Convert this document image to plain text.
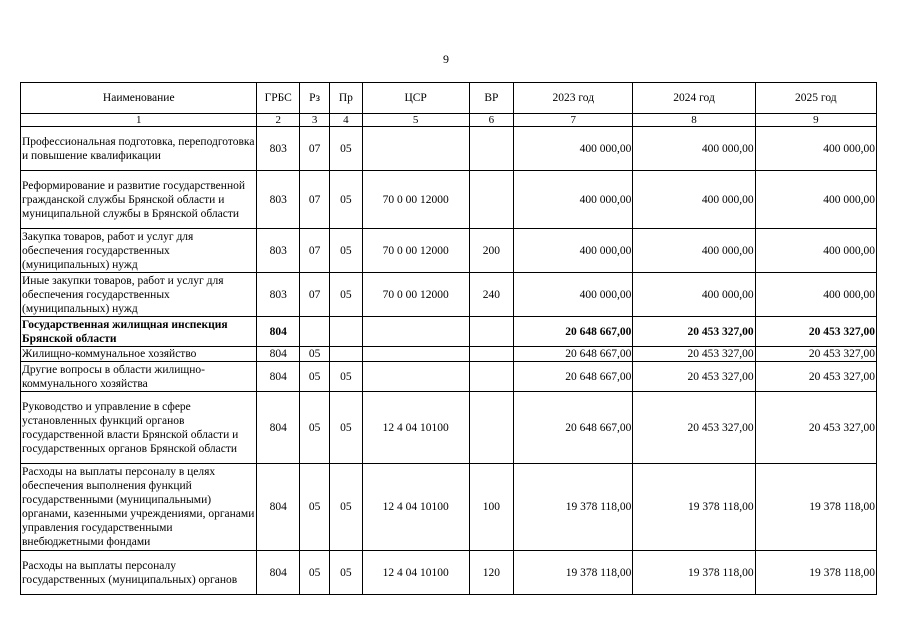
9
Наименование	ГРБС	Рз	Пр	ЦСР	ВР	2023 год	2024 год	2025 год
1	2	3	4	5	6	7	8	9
Профессиональная подготовка, переподготовка и повышение квалификации	803	07	05			400 000,00	400 000,00	400 000,00
Реформирование и развитие государственной гражданской службы Брянской области и муниципальной службы в Брянской области	803	07	05	70 0 00 12000		400 000,00	400 000,00	400 000,00
Закупка товаров, работ и услуг для обеспечения государственных (муниципальных) нужд	803	07	05	70 0 00 12000	200	400 000,00	400 000,00	400 000,00
Иные закупки товаров, работ и услуг для обеспечения государственных (муниципальных) нужд	803	07	05	70 0 00 12000	240	400 000,00	400 000,00	400 000,00
Государственная жилищная инспекция Брянской области	804					20 648 667,00	20 453 327,00	20 453 327,00
Жилищно-коммунальное хозяйство	804	05				20 648 667,00	20 453 327,00	20 453 327,00
Другие вопросы в области жилищно-коммунального хозяйства	804	05	05			20 648 667,00	20 453 327,00	20 453 327,00
Руководство и управление в сфере установленных функций органов государственной власти Брянской области и государственных органов Брянской области	804	05	05	12 4 04 10100		20 648 667,00	20 453 327,00	20 453 327,00
Расходы на выплаты персоналу в целях обеспечения выполнения функций государственными (муниципальными) органами, казенными учреждениями, органами управления государственными внебюджетными фондами	804	05	05	12 4 04 10100	100	19 378 118,00	19 378 118,00	19 378 118,00
Расходы на выплаты персоналу государственных (муниципальных) органов	804	05	05	12 4 04 10100	120	19 378 118,00	19 378 118,00	19 378 118,00
